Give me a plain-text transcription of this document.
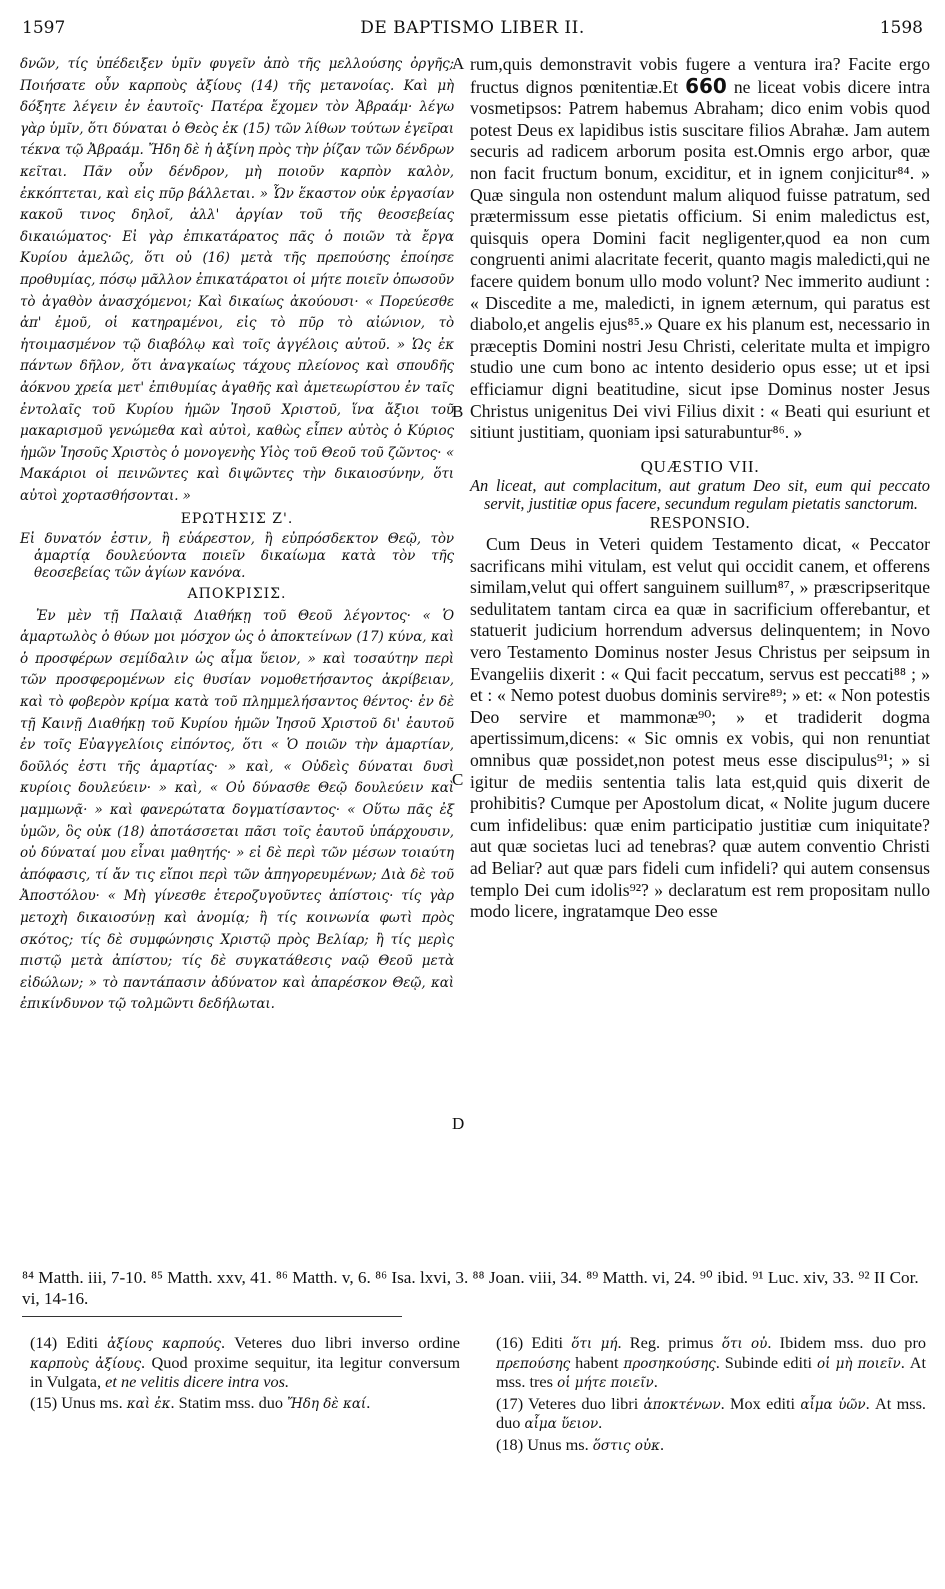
1597	DE BAPTISMO LIBER II.	1598
A
B
C
D

δνῶν, τίς ὑπέδειξεν ὑμῖν φυγεῖν ἀπὸ τῆς μελλούσης ὀργῆς; Ποιήσατε οὖν καρποὺς ἀξίους (14) τῆς μετανοίας. Καὶ μὴ δόξητε λέγειν ἐν ἑαυτοῖς· Πατέρα ἔχομεν τὸν Ἀβραάμ· λέγω γὰρ ὑμῖν, ὅτι δύναται ὁ Θεὸς ἐκ (15) τῶν λίθων τούτων ἐγεῖραι τέκνα τῷ Ἀβραάμ. Ἤδη δὲ ἡ ἀξίνη πρὸς τὴν ῥίζαν τῶν δένδρων κεῖται. Πᾶν οὖν δένδρον, μὴ ποιοῦν καρπὸν καλὸν, ἐκκόπτεται, καὶ εἰς πῦρ βάλλεται. » Ὧν ἕκαστον οὐκ ἐργασίαν κακοῦ τινος δηλοῖ, ἀλλ' ἀργίαν τοῦ τῆς θεοσεβείας δικαιώματος· Εἰ γὰρ ἐπικατάρατος πᾶς ὁ ποιῶν τὰ ἔργα Κυρίου ἀμελῶς, ὅτι οὐ (16) μετὰ τῆς πρεπούσης ἐποίησε προθυμίας, πόσῳ μᾶλλον ἐπικατάρατοι οἱ μήτε ποιεῖν ὁπωσοῦν τὸ ἀγαθὸν ἀνασχόμενοι; Καὶ δικαίως ἀκούουσι· « Πορεύεσθε ἀπ' ἐμοῦ, οἱ κατηραμένοι, εἰς τὸ πῦρ τὸ αἰώνιον, τὸ ἡτοιμασμένον τῷ διαβόλῳ καὶ τοῖς ἀγγέλοις αὐτοῦ. » Ὡς ἐκ πάντων δῆλον, ὅτι ἀναγκαίως τάχους πλείονος καὶ σπουδῆς ἀόκνου χρεία μετ' ἐπιθυμίας ἀγαθῆς καὶ ἀμετεωρίστου ἐν ταῖς ἐντολαῖς τοῦ Κυρίου ἡμῶν Ἰησοῦ Χριστοῦ, ἵνα ἄξιοι τοῦ μακαρισμοῦ γενώμεθα καὶ αὐτοὶ, καθὼς εἶπεν αὐτὸς ὁ Κύριος ἡμῶν Ἰησοῦς Χριστὸς ὁ μονογενὴς Υἱὸς τοῦ Θεοῦ τοῦ ζῶντος· « Μακάριοι οἱ πεινῶντες καὶ διψῶντες τὴν δικαιοσύνην, ὅτι αὐτοὶ χορτασθήσονται. »

ΕΡΩΤΗΣΙΣ Ζ'.

Εἰ δυνατόν ἐστιν, ἢ εὐάρεστον, ἢ εὐπρόσδεκτον Θεῷ, τὸν ἁμαρτίᾳ δουλεύοντα ποιεῖν δικαίωμα κατὰ τὸν τῆς θεοσεβείας τῶν ἁγίων κανόνα.

ΑΠΟΚΡΙΣΙΣ.

Ἐν μὲν τῇ Παλαιᾷ Διαθήκῃ τοῦ Θεοῦ λέγοντος· « Ὁ ἁμαρτωλὸς ὁ θύων μοι μόσχον ὡς ὁ ἀποκτείνων (17) κύνα, καὶ ὁ προσφέρων σεμίδαλιν ὡς αἷμα ὕειον, » καὶ τοσαύτην περὶ τῶν προσφερομένων εἰς θυσίαν νομοθετήσαντος ἀκρίβειαν, καὶ τὸ φοβερὸν κρίμα κατὰ τοῦ πλημμελήσαντος θέντος· ἐν δὲ τῇ Καινῇ Διαθήκῃ τοῦ Κυρίου ἡμῶν Ἰησοῦ Χριστοῦ δι' ἑαυτοῦ ἐν τοῖς Εὐαγγελίοις εἰπόντος, ὅτι « Ὁ ποιῶν τὴν ἁμαρτίαν, δοῦλός ἐστι τῆς ἁμαρτίας· » καὶ, « Οὐδεὶς δύναται δυσὶ κυρίοις δουλεύειν· » καὶ, « Οὐ δύνασθε Θεῷ δουλεύειν καὶ μαμμωνᾷ· » καὶ φανερώτατα δογματίσαντος· « Οὕτω πᾶς ἐξ ὑμῶν, ὃς οὐκ (18) ἀποτάσσεται πᾶσι τοῖς ἑαυτοῦ ὑπάρχουσιν, οὐ δύναταί μου εἶναι μαθητής· » εἰ δὲ περὶ τῶν μέσων τοιαύτη ἀπόφασις, τί ἄν τις εἴποι περὶ τῶν ἀπηγορευμένων; Διὰ δὲ τοῦ Ἀποστόλου· « Μὴ γίνεσθε ἑτεροζυγοῦντες ἀπίστοις· τίς γὰρ μετοχὴ δικαιοσύνῃ καὶ ἀνομίᾳ; ἢ τίς κοινωνία φωτὶ πρὸς σκότος; τίς δὲ συμφώνησις Χριστῷ πρὸς Βελίαρ; ἢ τίς μερὶς πιστῷ μετὰ ἀπίστου; τίς δὲ συγκατάθεσις ναῷ Θεοῦ μετὰ εἰδώλων; » τὸ παντάπασιν ἀδύνατον καὶ ἀπαρέσκον Θεῷ, καὶ ἐπικίνδυνον τῷ τολμῶντι δεδήλωται.

rum,quis demonstravit vobis fugere a ventura ira? Facite ergo fructus dignos pœnitentiæ.Et 660 ne liceat vobis dicere intra vosmetipsos: Patrem habemus Abraham; dico enim vobis quod potest Deus ex lapidibus istis suscitare filios Abrahæ. Jam autem securis ad radicem arborum posita est.Omnis ergo arbor, quæ non facit fructum bonum, exciditur, et in ignem conjicitur⁸⁴. » Quæ singula non ostendunt malum aliquod fuisse patratum, sed prætermissum esse pietatis officium. Si enim maledictus est, quisquis opera Domini facit negligenter,quod ea non cum congruenti animi alacritate fecerit, quanto magis maledicti,qui ne facere quidem bonum ullo modo volunt? Nec immerito audiunt : « Discedite a me, maledicti, in ignem æternum, qui paratus est diabolo,et angelis ejus⁸⁵.» Quare ex his planum est, necessario in præceptis Domini nostri Jesu Christi, celeritate multa et impigro studio une cum bono ac intento desiderio opus esse; ut et ipsi efficiamur digni beatitudine, sicut ipse Dominus noster Jesus Christus unigenitus Dei vivi Filius dixit : « Beati qui esuriunt et sitiunt justitiam, quoniam ipsi saturabuntur⁸⁶. »

QUÆSTIO VII.

An liceat, aut complacitum, aut gratum Deo sit, eum qui peccato servit, justitiæ opus facere, secundum regulam pietatis sanctorum.

RESPONSIO.

Cum Deus in Veteri quidem Testamento dicat, « Peccator sacrificans mihi vitulam, est velut qui occidit canem, et offerens similam,velut qui offert sanguinem suillum⁸⁷, » præscripseritque sedulitatem tantam circa ea quæ in sacrificium offerebantur, et statuerit judicium horrendum adversus delinquentem; in Novo vero Testamento Dominus noster Jesus Christus per seipsum in Evangeliis dixerit : « Qui facit peccatum, servus est peccati⁸⁸ ; » et : « Nemo potest duobus dominis servire⁸⁹; » et: « Non potestis Deo servire et mammonæ⁹⁰; » et tradiderit dogma apertissimum,dicens: « Sic omnis ex vobis, qui non renuntiat omnibus quæ possidet,non potest meus esse discipulus⁹¹; » si igitur de mediis sententia talis lata est,quid quis dixerit de prohibitis? Cumque per Apostolum dicat, « Nolite jugum ducere cum infidelibus: quæ enim participatio justitiæ cum iniquitate? aut quæ societas luci ad tenebras? quæ autem conventio Christi ad Beliar? aut quæ pars fideli cum infideli? qui autem consensus templo Dei cum idolis⁹²? » declaratum est rem propositam nullo modo licere, ingratamque Deo esse

⁸⁴ Matth. iii, 7-10. ⁸⁵ Matth. xxv, 41. ⁸⁶ Matth. v, 6. ⁸⁶ Isa. lxvi, 3. ⁸⁸ Joan. viii, 34. ⁸⁹ Matth. vi, 24. ⁹⁰ ibid. ⁹¹ Luc. xiv, 33. ⁹² II Cor. vi, 14-16.

(14) Editi ἀξίους καρπούς. Veteres duo libri inverso ordine καρποὺς ἀξίους. Quod proxime sequitur, ita legitur conversum in Vulgata, et ne velitis dicere intra vos.

(15) Unus ms. καὶ ἐκ. Statim mss. duo Ἤδη δὲ καί.

(16) Editi ὅτι μή. Reg. primus ὅτι οὐ. Ibidem mss. duo pro πρεπούσης habent προσηκούσης. Subinde editi οἱ μὴ ποιεῖν. At mss. tres οἱ μήτε ποιεῖν.

(17) Veteres duo libri ἀποκτένων. Mox editi αἷμα ὑῶν. At mss. duo αἷμα ὕειον.

(18) Unus ms. ὅστις οὐκ.
